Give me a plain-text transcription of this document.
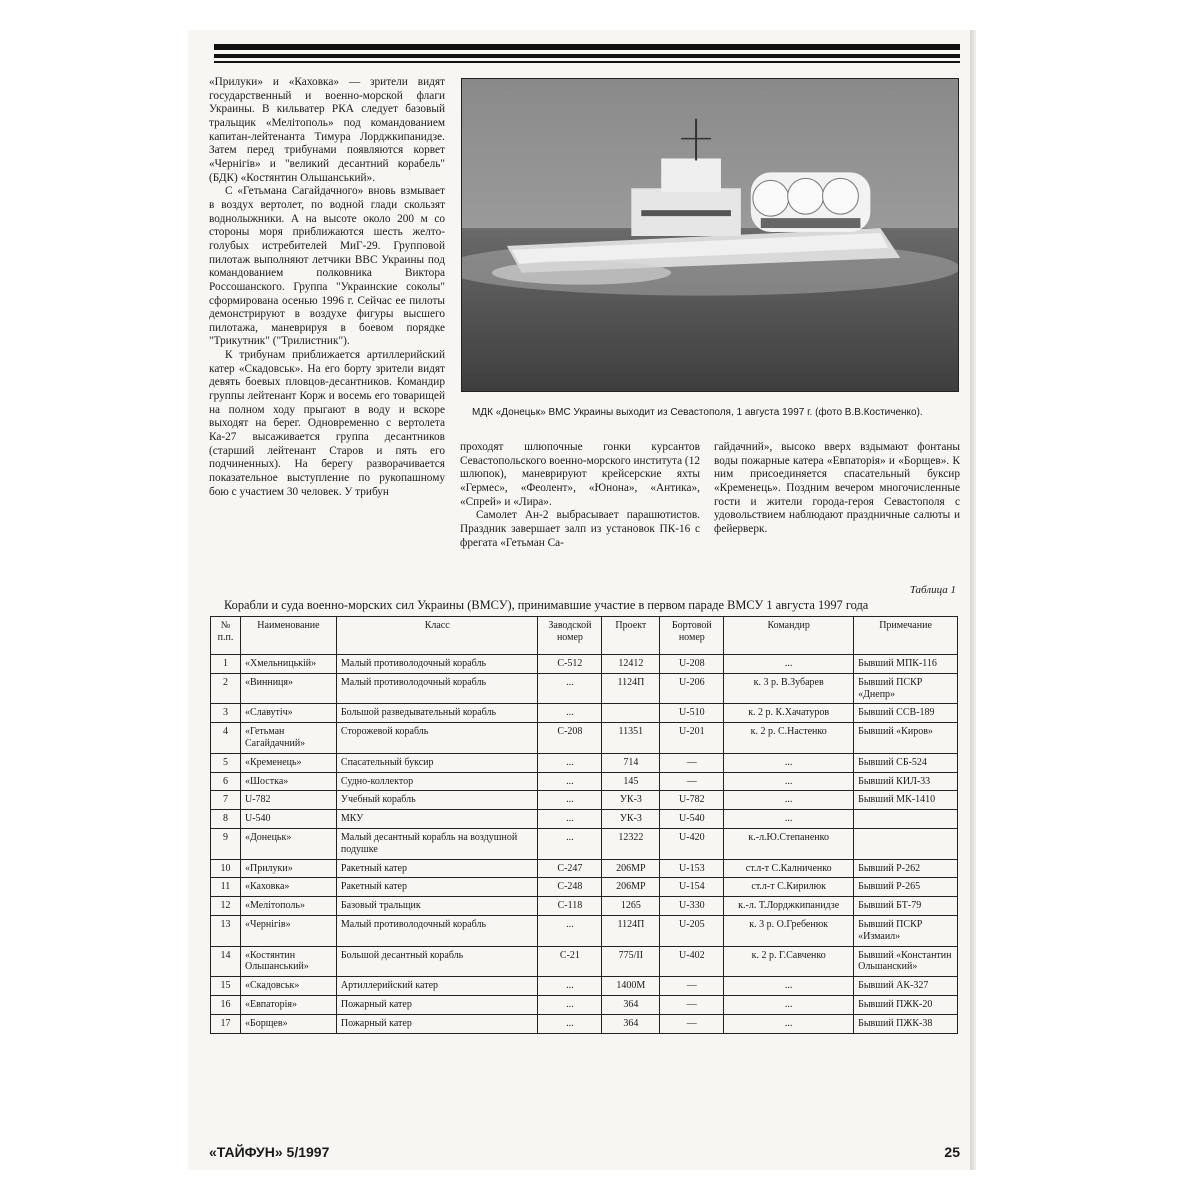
«Прилуки» и «Каховка» — зрители видят государственный и военно-морской флаги Украины. В кильватер РКА следует базовый тральщик «Мелітополь» под командованием капитан-лейтенанта Тимура Лорджкипанидзе. Затем перед трибунами появляются корвет «Чернігів» и "великий десантний корабель" (БДК) «Костянтин Ольшанський».

С «Гетьмана Сагайдачного» вновь взмывает в воздух вертолет, по водной глади скользят воднолыжники. А на высоте около 200 м со стороны моря приближаются шесть желто-голубых истребителей МиГ-29. Групповой пилотаж выполняют летчики ВВС Украины под командованием полковника Виктора Россошанского. Группа "Украинские соколы" сформирована осенью 1996 г. Сейчас ее пилоты демонстрируют в воздухе фигуры высшего пилотажа, маневрируя в боевом порядке "Трикутник" ("Трилистник").

К трибунам приближается артиллерийский катер «Скадовськ». На его борту зрители видят девять боевых пловцов-десантников. Командир группы лейтенант Корж и восемь его товарищей на полном ходу прыгают в воду и вскоре выходят на берег. Одновременно с вертолета Ка-27 высаживается группа десантников (старший лейтенант Старов и пять его подчиненных). На берегу разворачивается показательное выступление по рукопашному бою с участием 30 человек. У трибун

МДК «Донецьк» ВМС Украины выходит из Севастополя, 1 августа 1997 г. (фото В.В.Костиченко).

проходят шлюпочные гонки курсантов Севастопольского военно-морского института (12 шлюпок), маневрируют крейсерские яхты «Гермес», «Феолент», «Юнона», «Антика», «Спрей» и «Лира».

Самолет Ан-2 выбрасывает парашютистов. Праздник завершает залп из установок ПК-16 с фрегата «Гетьман Са-

гайдачний», высоко вверх вздымают фонтаны воды пожарные катера «Евпаторія» и «Борщев». К ним присоединяется спасательный буксир «Кременець». Поздним вечером многочисленные гости и жители города-героя Севастополя с удовольствием наблюдают праздничные салюты и фейерверк.

Таблица 1
Корабли и суда военно-морских сил Украины (ВМСУ), принимавшие участие в первом параде ВМСУ 1 августа 1997 года
№ п.п.	Наименование	Класс	Заводской номер	Проект	Бортовой номер	Командир	Примечание
1	«Хмельницькій»	Малый противолодочный корабль	С-512	12412	U-208	...	Бывший МПК-116
2	«Винниця»	Малый противолодочный корабль	...	1124П	U-206	к. 3 р. В.Зубарев	Бывший ПСКР «Днепр»
3	«Славутіч»	Большой разведывательный корабль	...		U-510	к. 2 р. К.Хачатуров	Бывший ССВ-189
4	«Гетьман Сагайдачний»	Сторожевой корабль	С-208	11351	U-201	к. 2 р. С.Настенко	Бывший «Киров»
5	«Кременець»	Спасательный буксир	...	714	—	...	Бывший СБ-524
6	«Шостка»	Судно-коллектор	...	145	—	...	Бывший КИЛ-33
7	U-782	Учебный корабль	...	УК-3	U-782	...	Бывший МК-1410
8	U-540	МКУ	...	УК-3	U-540	...	
9	«Донецьк»	Малый десантный корабль на воздушной подушке	...	12322	U-420	к.-л.Ю.Степаненко	
10	«Прилуки»	Ракетный катер	С-247	206МР	U-153	ст.л-т С.Калниченко	Бывший Р-262
11	«Каховка»	Ракетный катер	С-248	206МР	U-154	ст.л-т С.Кирилюк	Бывший Р-265
12	«Мелітополь»	Базовый тральщик	С-118	1265	U-330	к.-л. Т.Лорджкипанидзе	Бывший БТ-79
13	«Чернігів»	Малый противолодочный корабль	...	1124П	U-205	к. 3 р. О.Гребенюк	Бывший ПСКР «Измаил»
14	«Костянтин Ольшанський»	Большой десантный корабль	С-21	775/II	U-402	к. 2 р. Г.Савченко	Бывший «Константин Ольшанский»
15	«Скадовськ»	Артиллерийский катер	...	1400М	—	...	Бывший АК-327
16	«Евпаторія»	Пожарный катер	...	364	—	...	Бывший ПЖК-20
17	«Борщев»	Пожарный катер	...	364	—	...	Бывший ПЖК-38
«ТАЙФУН» 5/1997	25
